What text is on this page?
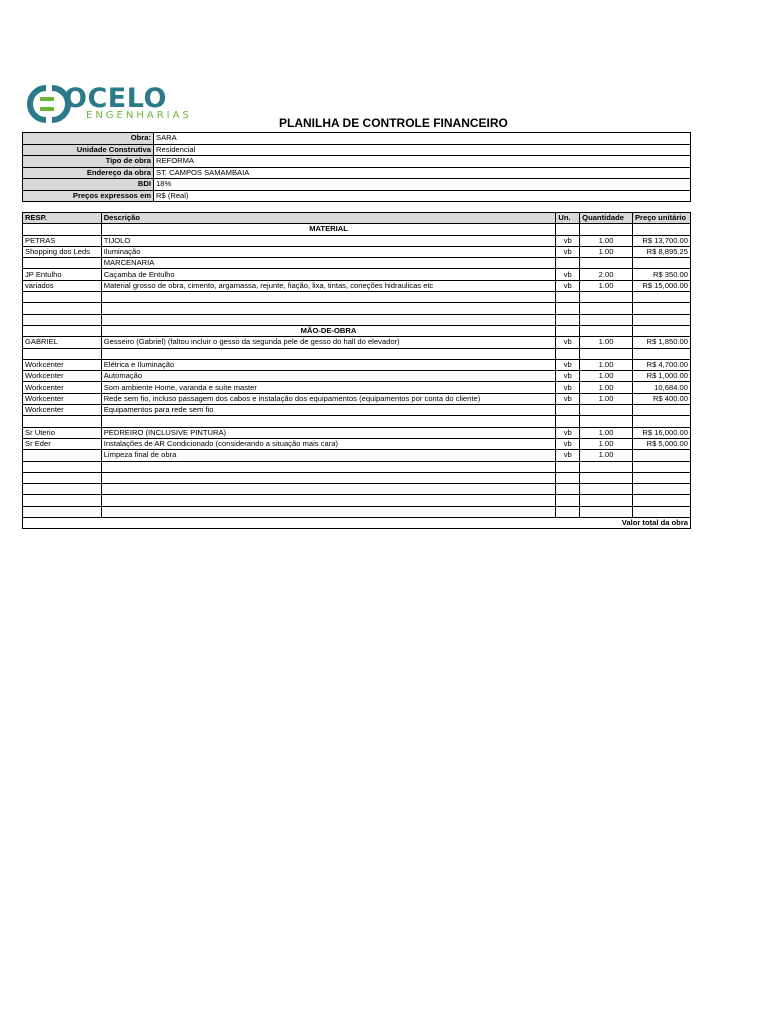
OCELO
ENGENHARIAS
PLANILHA DE CONTROLE FINANCEIRO
Obra:	SARA
Unidade Construtiva	Residencial
Tipo de obra	REFORMA
Endereço da obra	ST. CAMPOS SAMAMBAIA
BDI	18%
Preços expressos em	R$ (Real)
RESP.	Descrição	Un.	Quantidade	Preço unitário
	MATERIAL			
PETRAS	TIJOLO	vb	1.00	R$ 13,700.00
Shopping dos Leds	Iluminação	vb	1.00	R$ 8,895.25
	MARCENARIA			
JP Entulho	Caçamba de Entulho	vb	2.00	R$ 350.00
variados	Material grosso de obra, cimento, argamassa, rejunte, fiação, lixa, tintas, coneções hidraulicas etc	vb	1.00	R$ 15,000.00

	MÃO-DE-OBRA			
GABRIEL	Gesseiro (Gabriel) (faltou incluir o gesso da segunda pele de gesso do hall do elevador)	vb	1.00	R$ 1,850.00

Workcenter	Elétrica e Iluminação	vb	1.00	R$ 4,700.00
Workcenter	Automação	vb	1.00	R$ 1,000.00
Workcenter	Som ambiente Home, varanda e suíte master	vb	1.00	10,684.00
Workcenter	Rede sem fio, incluso passagem dos cabos e instalação dos equipamentos (equipamentos por conta do cliente)	vb	1.00	R$ 400.00
Workcenter	Equipamentos para rede sem fio			

Sr Uterio	PEDREIRO (INCLUSIVE PINTURA)	vb	1.00	R$ 16,000.00
Sr Eder	Instalações de AR Condicionado (considerando a situação mais cara)	vb	1.00	R$ 5,000.00
	Limpeza final de obra	vb	1.00	

Valor total da obra				
